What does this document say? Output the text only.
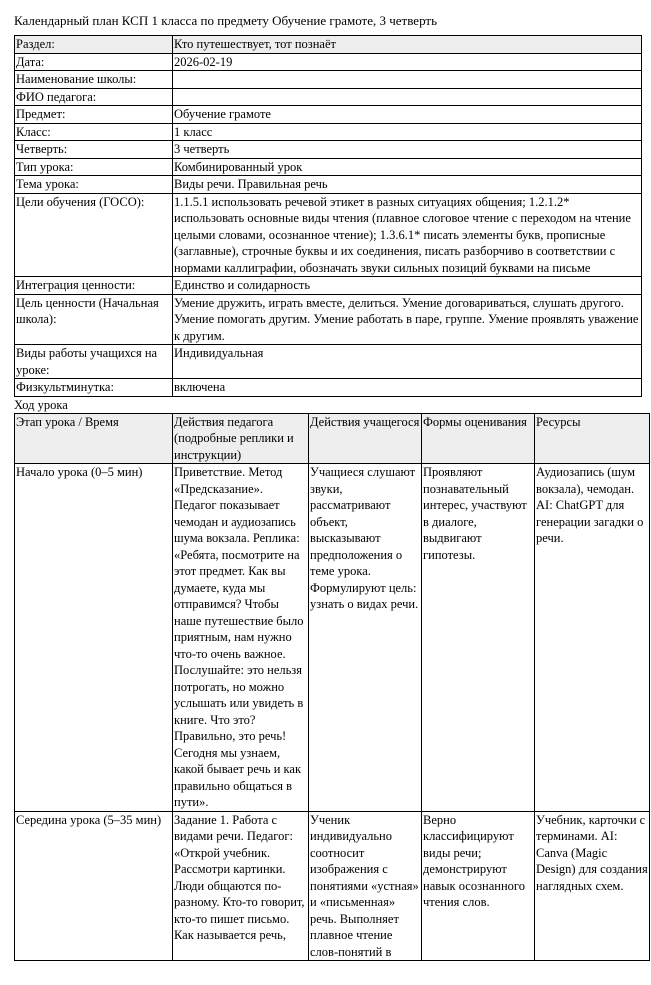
Календарный план КСП 1 класса по предмету Обучение грамоте, 3 четверть
Раздел:	Кто путешествует, тот познаёт
Дата:	2026-02-19
Наименование школы:	
ФИО педагога:	
Предмет:	Обучение грамоте
Класс:	1 класс
Четверть:	3 четверть
Тип урока:	Комбинированный урок
Тема урока:	Виды речи. Правильная речь
Цели обучения (ГОСО):	1.1.5.1 использовать речевой этикет в разных ситуациях общения; 1.2.1.2* использовать основные виды чтения (плавное слоговое чтение с переходом на чтение целыми словами, осознанное чтение); 1.3.6.1* писать элементы букв, прописные (заглавные), строчные буквы и их соединения, писать разборчиво в соответствии с нормами каллиграфии, обозначать звуки сильных позиций буквами на письме
Интеграция ценности:	Единство и солидарность
Цель ценности (Начальная школа):	Умение дружить, играть вместе, делиться. Умение договариваться, слушать другого. Умение помогать другим. Умение работать в паре, группе. Умение проявлять уважение к другим.
Виды работы учащихся на уроке:	Индивидуальная
Физкультминутка:	включена
Ход урока
Этап урока / Время	Действия педагога (подробные реплики и инструкции)	Действия учащегося	Формы оценивания	Ресурсы
Начало урока (0–5 мин)	Приветствие. Метод «Предсказание». Педагог показывает чемодан и аудиозапись шума вокзала. Реплика: «Ребята, посмотрите на этот предмет. Как вы думаете, куда мы отправимся? Чтобы наше путешествие было приятным, нам нужно что-то очень важное. Послушайте: это нельзя потрогать, но можно услышать или увидеть в книге. Что это? Правильно, это речь! Сегодня мы узнаем, какой бывает речь и как правильно общаться в пути».	Учащиеся слушают звуки, рассматривают объект, высказывают предположения о теме урока. Формулируют цель: узнать о видах речи.	Проявляют познавательный интерес, участвуют в диалоге, выдвигают гипотезы.	Аудиозапись (шум вокзала), чемодан. AI: ChatGPT для генерации загадки о речи.
Середина урока (5–35 мин)	Задание 1. Работа с видами речи. Педагог: «Открой учебник. Рассмотри картинки. Люди общаются по-разному. Кто-то говорит, кто-то пишет письмо. Как называется речь,	Ученик индивидуально соотносит изображения с понятиями «устная» и «письменная» речь. Выполняет плавное чтение слов-понятий в	Верно классифицируют виды речи; демонстрируют навык осознанного чтения слов.	Учебник, карточки с терминами. AI: Canva (Magic Design) для создания наглядных схем.
